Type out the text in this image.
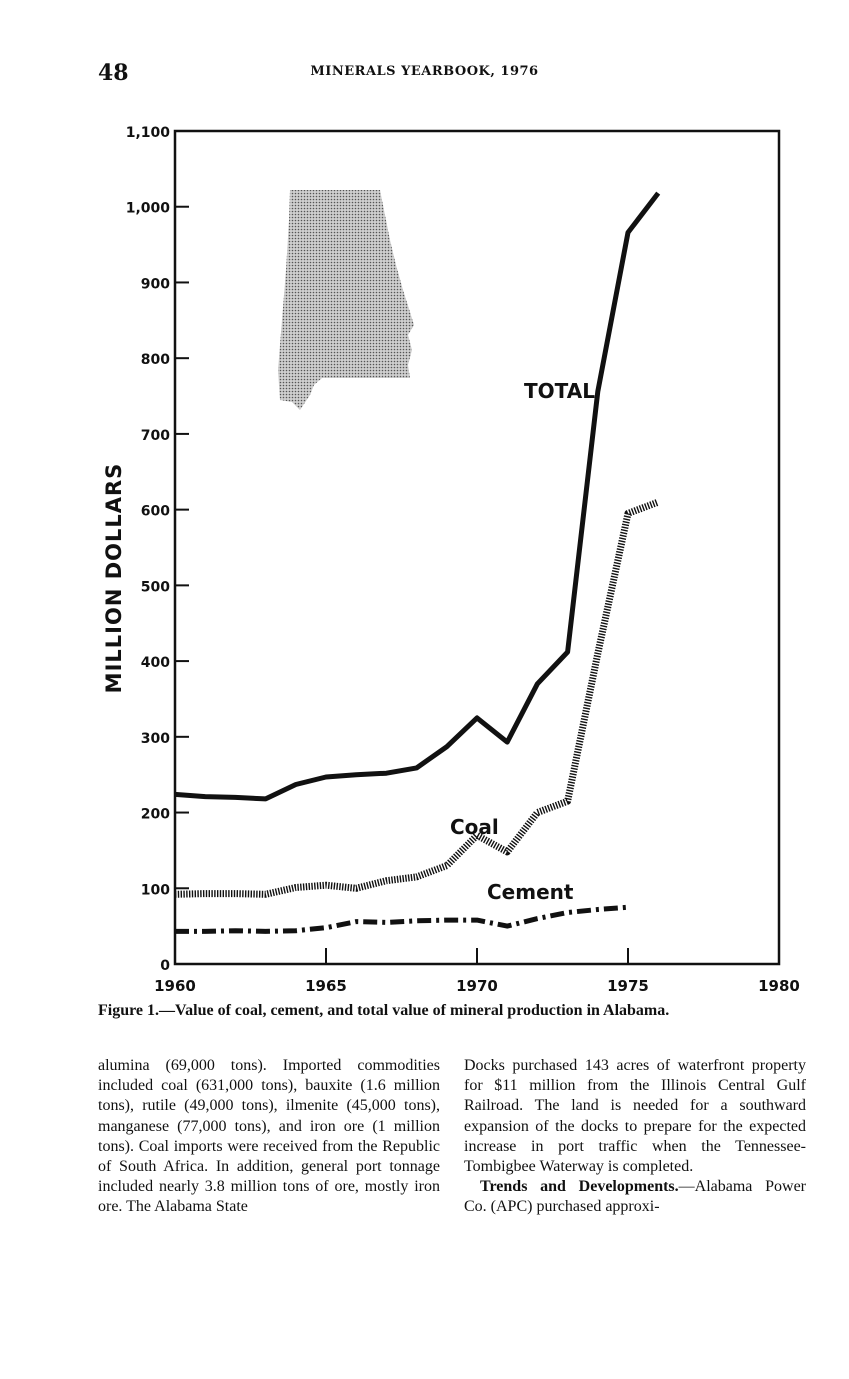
48	MINERALS YEARBOOK, 1976
0
100
200
300
400
500
600
700
800
900
1,000
1,100
1960	1965	1970	1975	1980
MILLION DOLLARS
TOTAL
Coal
Cement
Figure 1.—Value of coal, cement, and total value of mineral production in Alabama.

alumina (69,000 tons). Imported commodities included coal (631,000 tons), bauxite (1.6 million tons), rutile (49,000 tons), ilmenite (45,000 tons), manganese (77,000 tons), and iron ore (1 million tons). Coal imports were received from the Republic of South Africa. In addition, general port tonnage included nearly 3.8 million tons of ore, mostly iron ore. The Alabama State

Docks purchased 143 acres of waterfront property for $11 million from the Illinois Central Gulf Railroad. The land is needed for a southward expansion of the docks to prepare for the expected increase in port traffic when the Tennessee-Tombigbee Waterway is completed.

Trends and Developments.—Alabama Power Co. (APC) purchased approxi-
